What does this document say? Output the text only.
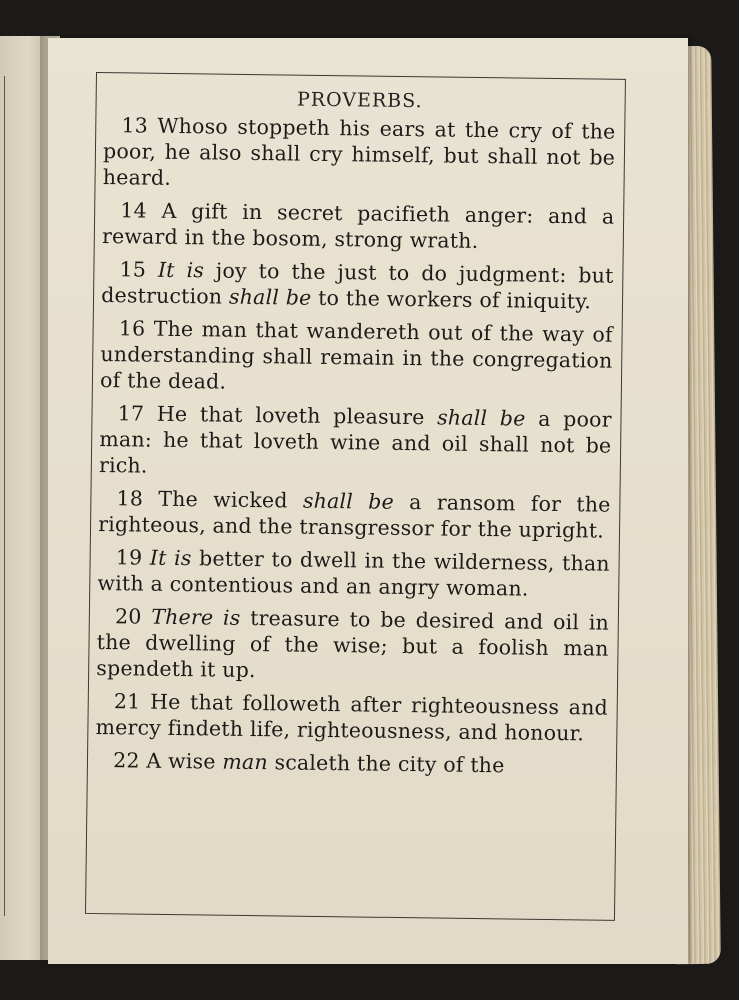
PROVERBS.

13 Whoso stoppeth his ears at the cry of the poor, he also shall cry himself, but shall not be heard.

14 A gift in secret pacifieth anger: and a reward in the bosom, strong wrath.

15 It is joy to the just to do judgment: but destruction shall be to the workers of iniquity.

16 The man that wandereth out of the way of understanding shall remain in the congregation of the dead.

17 He that loveth pleasure shall be a poor man: he that loveth wine and oil shall not be rich.

18 The wicked shall be a ransom for the righteous, and the transgressor for the upright.

19 It is better to dwell in the wilderness, than with a contentious and an angry woman.

20 There is treasure to be desired and oil in the dwelling of the wise; but a foolish man spendeth it up.

21 He that followeth after righteousness and mercy findeth life, righteousness, and honour.

22 A wise man scaleth the city of the
